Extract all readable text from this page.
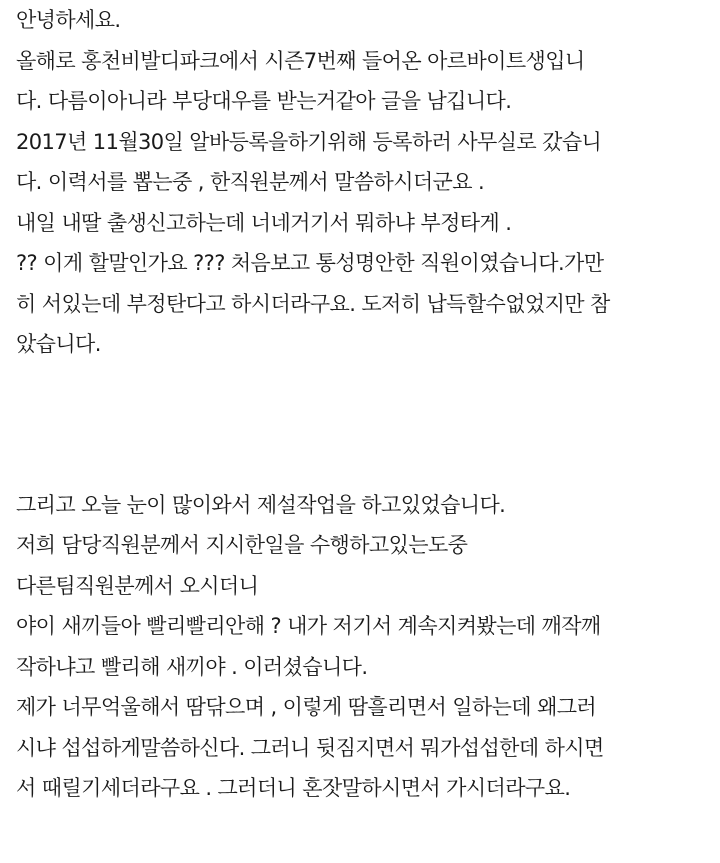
안녕하세요.
올해로 홍천비발디파크에서 시즌7번째 들어온 아르바이트생입니
다. 다름이아니라 부당대우를 받는거같아 글을 남깁니다.
2017년 11월30일 알바등록을하기위해 등록하러 사무실로 갔습니
다. 이력서를 뽑는중 , 한직원분께서 말씀하시더군요 .
내일 내딸 출생신고하는데 너네거기서 뭐하냐 부정타게 .
?? 이게 할말인가요 ??? 처음보고 통성명안한 직원이였습니다.가만
히 서있는데 부정탄다고 하시더라구요. 도저히 납득할수없었지만 참
았습니다.
그리고 오늘 눈이 많이와서 제설작업을 하고있었습니다.
저희 담당직원분께서 지시한일을 수행하고있는도중
다른팀직원분께서 오시더니
야이 새끼들아 빨리빨리안해 ? 내가 저기서 계속지켜봤는데 깨작깨
작하냐고 빨리해 새끼야 . 이러셨습니다.
제가 너무억울해서 땀닦으며 , 이렇게 땀흘리면서 일하는데 왜그러
시냐 섭섭하게말씀하신다. 그러니 뒷짐지면서 뭐가섭섭한데 하시면
서 때릴기세더라구요 . 그러더니 혼잣말하시면서 가시더라구요.
